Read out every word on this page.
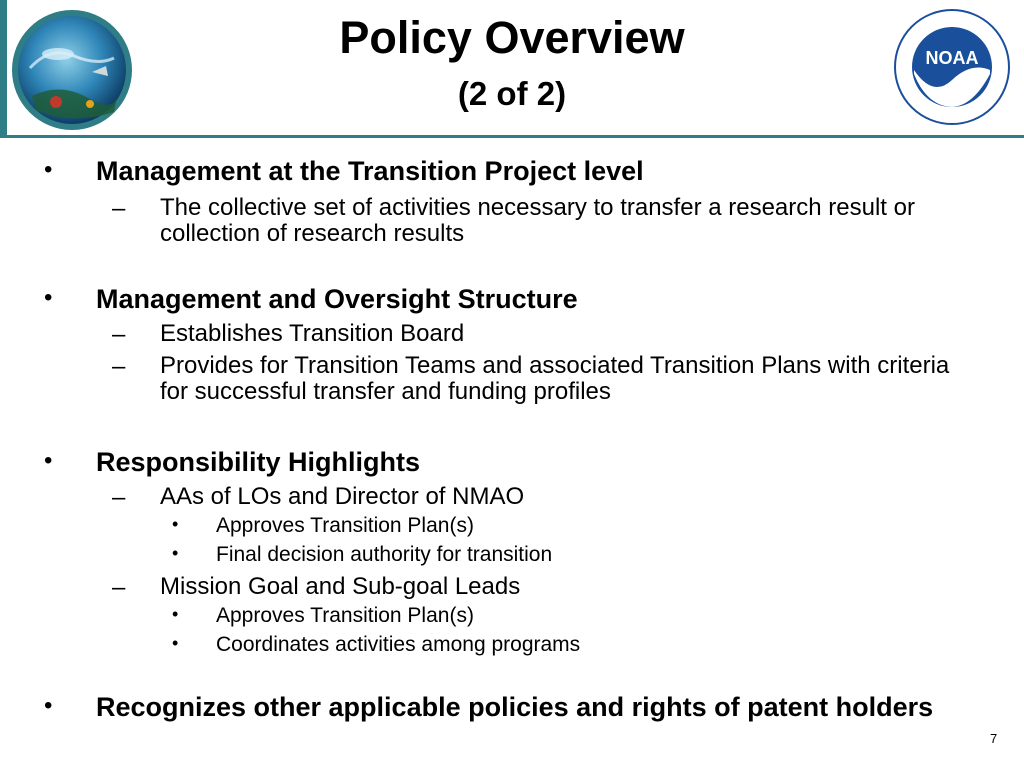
Policy Overview
(2 of 2)
NOAA
• Management at the Transition Project level
– The collective set of activities necessary to transfer a research result or collection of research results
• Management and Oversight Structure
– Establishes Transition Board
– Provides for Transition Teams and associated Transition Plans with criteria for successful transfer and funding profiles
• Responsibility Highlights
– AAs of LOs and Director of NMAO
• Approves Transition Plan(s)
• Final decision authority for transition
– Mission Goal and Sub-goal Leads
• Approves Transition Plan(s)
• Coordinates activities among programs
• Recognizes other applicable policies and rights of patent holders
7
